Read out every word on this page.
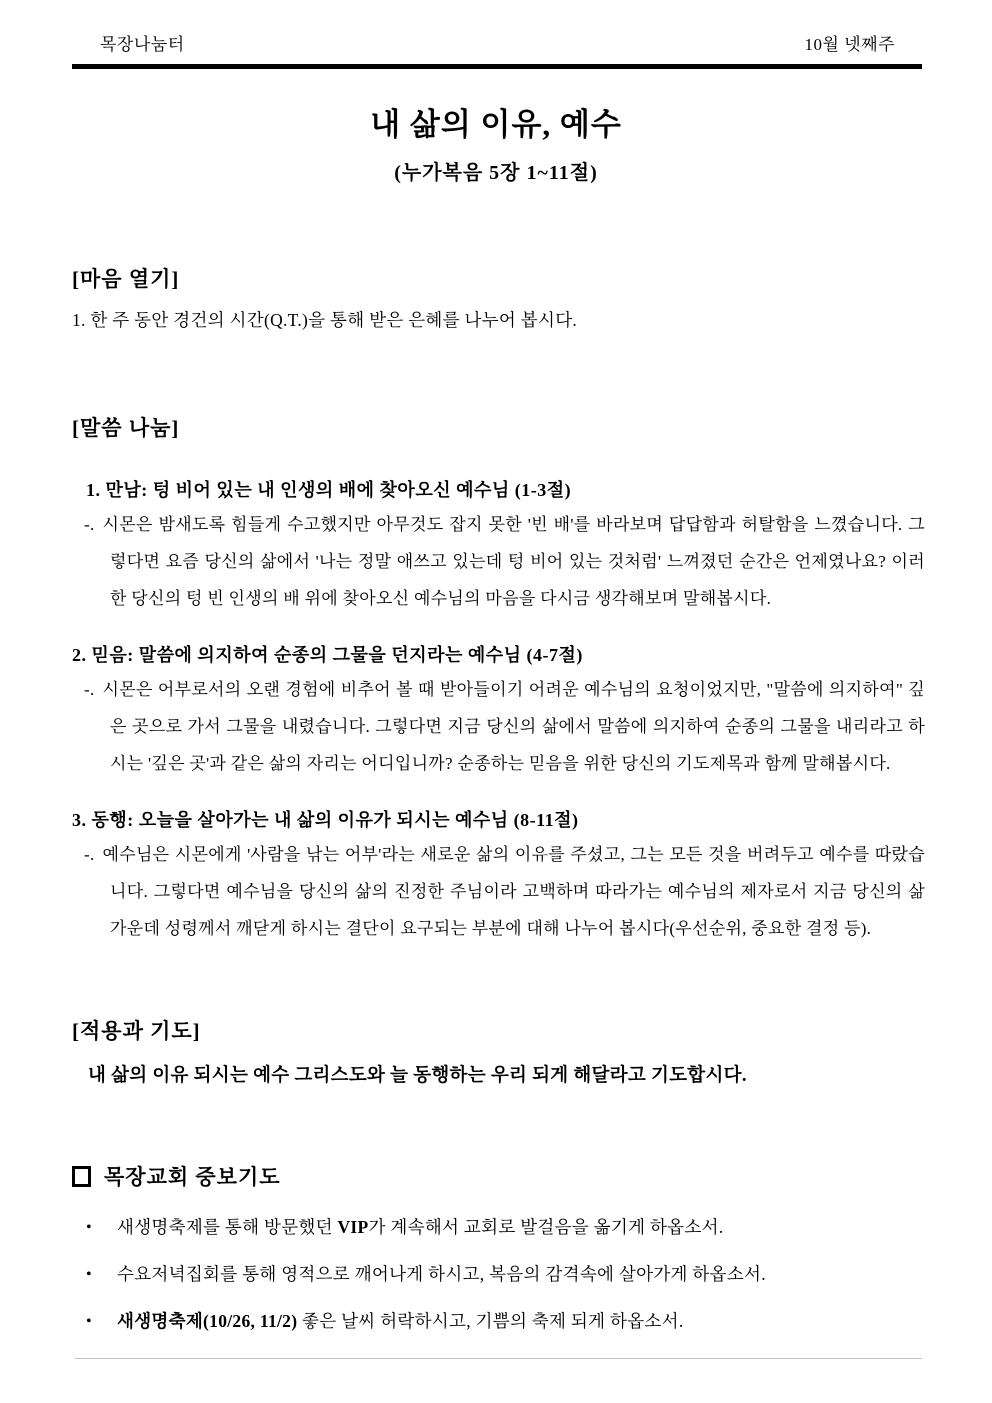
목장나눔터	10월 넷째주
내 삶의 이유, 예수
(누가복음 5장 1~11절)
[마음 열기]
1. 한 주 동안 경건의 시간(Q.T.)을 통해 받은 은혜를 나누어 봅시다.
[말씀 나눔]
1. 만남: 텅 비어 있는 내 인생의 배에 찾아오신 예수님 (1-3절)
-. 시몬은 밤새도록 힘들게 수고했지만 아무것도 잡지 못한 '빈 배'를 바라보며 답답함과 허탈함을 느꼈습니다. 그렇다면 요즘 당신의 삶에서 '나는 정말 애쓰고 있는데 텅 비어 있는 것처럼' 느껴졌던 순간은 언제였나요? 이러한 당신의 텅 빈 인생의 배 위에 찾아오신 예수님의 마음을 다시금 생각해보며 말해봅시다.
2. 믿음: 말씀에 의지하여 순종의 그물을 던지라는 예수님 (4-7절)
-. 시몬은 어부로서의 오랜 경험에 비추어 볼 때 받아들이기 어려운 예수님의 요청이었지만, "말씀에 의지하여" 깊은 곳으로 가서 그물을 내렸습니다. 그렇다면 지금 당신의 삶에서 말씀에 의지하여 순종의 그물을 내리라고 하시는 '깊은 곳'과 같은 삶의 자리는 어디입니까? 순종하는 믿음을 위한 당신의 기도제목과 함께 말해봅시다.
3. 동행: 오늘을 살아가는 내 삶의 이유가 되시는 예수님 (8-11절)
-. 예수님은 시몬에게 '사람을 낚는 어부'라는 새로운 삶의 이유를 주셨고, 그는 모든 것을 버려두고 예수를 따랐습니다. 그렇다면 예수님을 당신의 삶의 진정한 주님이라 고백하며 따라가는 예수님의 제자로서 지금 당신의 삶 가운데 성령께서 깨닫게 하시는 결단이 요구되는 부분에 대해 나누어 봅시다(우선순위, 중요한 결정 등).
[적용과 기도]
내 삶의 이유 되시는 예수 그리스도와 늘 동행하는 우리 되게 해달라고 기도합시다.
목장교회 중보기도
•	새생명축제를 통해 방문했던 VIP가 계속해서 교회로 발걸음을 옮기게 하옵소서.
•	수요저녁집회를 통해 영적으로 깨어나게 하시고, 복음의 감격속에 살아가게 하옵소서.
•	새생명축제(10/26, 11/2) 좋은 날씨 허락하시고, 기쁨의 축제 되게 하옵소서.
